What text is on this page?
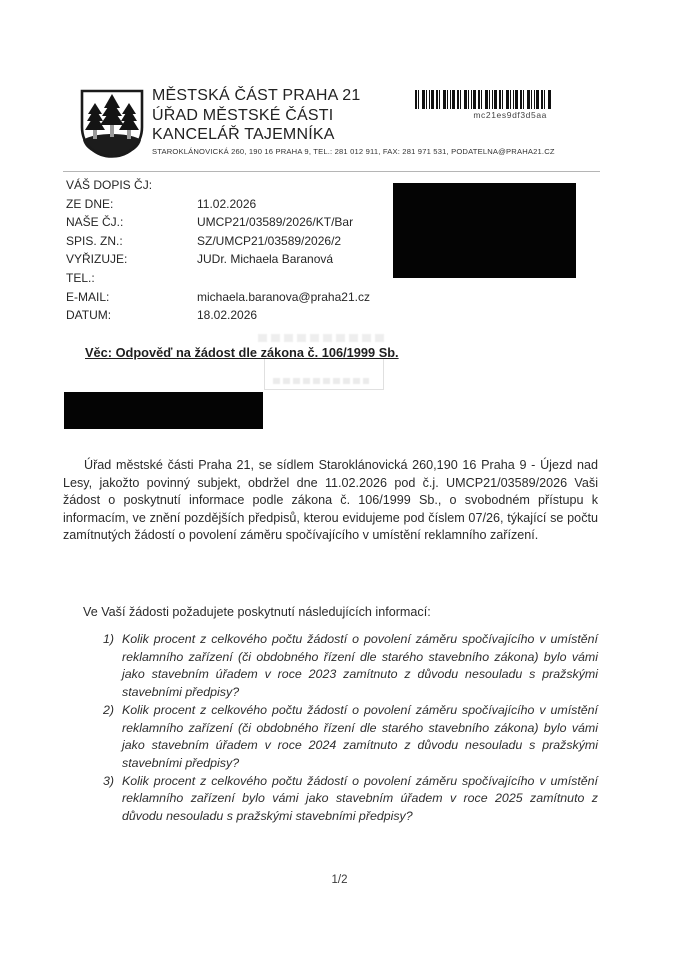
MĚSTSKÁ ČÁST PRAHA 21
ÚŘAD MĚSTSKÉ ČÁSTI
KANCELÁŘ TAJEMNÍKA
STAROKLÁNOVICKÁ 260, 190 16 PRAHA 9, TEL.: 281 012 911, FAX: 281 971 531, PODATELNA@PRAHA21.CZ
mc21es9df3d5aa
VÁŠ DOPIS ČJ:
ZE DNE:	11.02.2026
NAŠE ČJ.:	UMCP21/03589/2026/KT/Bar
SPIS. ZN.:	SZ/UMCP21/03589/2026/2
VYŘIZUJE:	JUDr. Michaela Baranová
TEL.:
E-MAIL:	michaela.baranova@praha21.cz
DATUM:	18.02.2026
Věc: Odpověď na žádost dle zákona č. 106/1999 Sb.
Úřad městské části Praha 21, se sídlem Staroklánovická 260,190 16 Praha 9 - Újezd nad Lesy, jakožto povinný subjekt, obdržel dne 11.02.2026 pod č.j. UMCP21/03589/2026 Vaši žádost o poskytnutí informace podle zákona č. 106/1999 Sb., o svobodném přístupu k informacím, ve znění pozdějších předpisů, kterou evidujeme pod číslem 07/26, týkající se počtu zamítnutých žádostí o povolení záměru spočívajícího v umístění reklamního zařízení.
Ve Vaší žádosti požadujete poskytnutí následujících informací:
1) Kolik procent z celkového počtu žádostí o povolení záměru spočívajícího v umístění reklamního zařízení (či obdobného řízení dle starého stavebního zákona) bylo vámi jako stavebním úřadem v roce 2023 zamítnuto z důvodu nesouladu s pražskými stavebními předpisy?
2) Kolik procent z celkového počtu žádostí o povolení záměru spočívajícího v umístění reklamního zařízení (či obdobného řízení dle starého stavebního zákona) bylo vámi jako stavebním úřadem v roce 2024 zamítnuto z důvodu nesouladu s pražskými stavebními předpisy?
3) Kolik procent z celkového počtu žádostí o povolení záměru spočívajícího v umístění reklamního zařízení bylo vámi jako stavebním úřadem v roce 2025 zamítnuto z důvodu nesouladu s pražskými stavebními předpisy?
1/2
